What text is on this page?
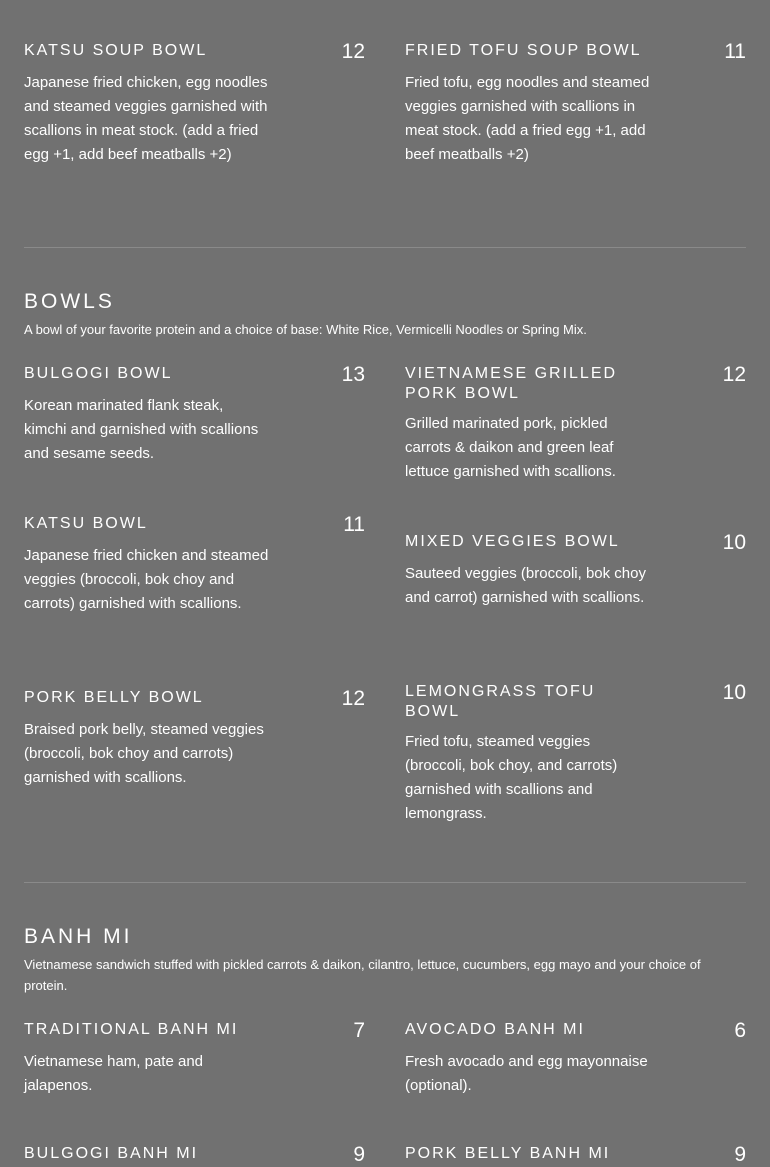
KATSU SOUP BOWL	12
Japanese fried chicken, egg noodles and steamed veggies garnished with scallions in meat stock. (add a fried egg +1, add beef meatballs +2)
FRIED TOFU SOUP BOWL	11
Fried tofu, egg noodles and steamed veggies garnished with scallions in meat stock. (add a fried egg +1, add beef meatballs +2)
BOWLS
A bowl of your favorite protein and a choice of base: White Rice, Vermicelli Noodles or Spring Mix.
BULGOGI BOWL	13
Korean marinated flank steak, kimchi and garnished with scallions and sesame seeds.
VIETNAMESE GRILLED PORK BOWL
12
Grilled marinated pork, pickled carrots & daikon and green leaf lettuce garnished with scallions.
KATSU BOWL	11
Japanese fried chicken and steamed veggies (broccoli, bok choy and carrots) garnished with scallions.
MIXED VEGGIES BOWL	10
Sauteed veggies (broccoli, bok choy and carrot) garnished with scallions.
PORK BELLY BOWL	12
Braised pork belly, steamed veggies (broccoli, bok choy and carrots) garnished with scallions.
LEMONGRASS TOFU BOWL
10
Fried tofu, steamed veggies (broccoli, bok choy, and carrots) garnished with scallions and lemongrass.
BANH MI
Vietnamese sandwich stuffed with pickled carrots & daikon, cilantro, lettuce, cucumbers, egg mayo and your choice of protein.
TRADITIONAL BANH MI	7
Vietnamese ham, pate and jalapenos.
AVOCADO BANH MI	6
Fresh avocado and egg mayonnaise (optional).
BULGOGI BANH MI	9	PORK BELLY BANH MI	9
